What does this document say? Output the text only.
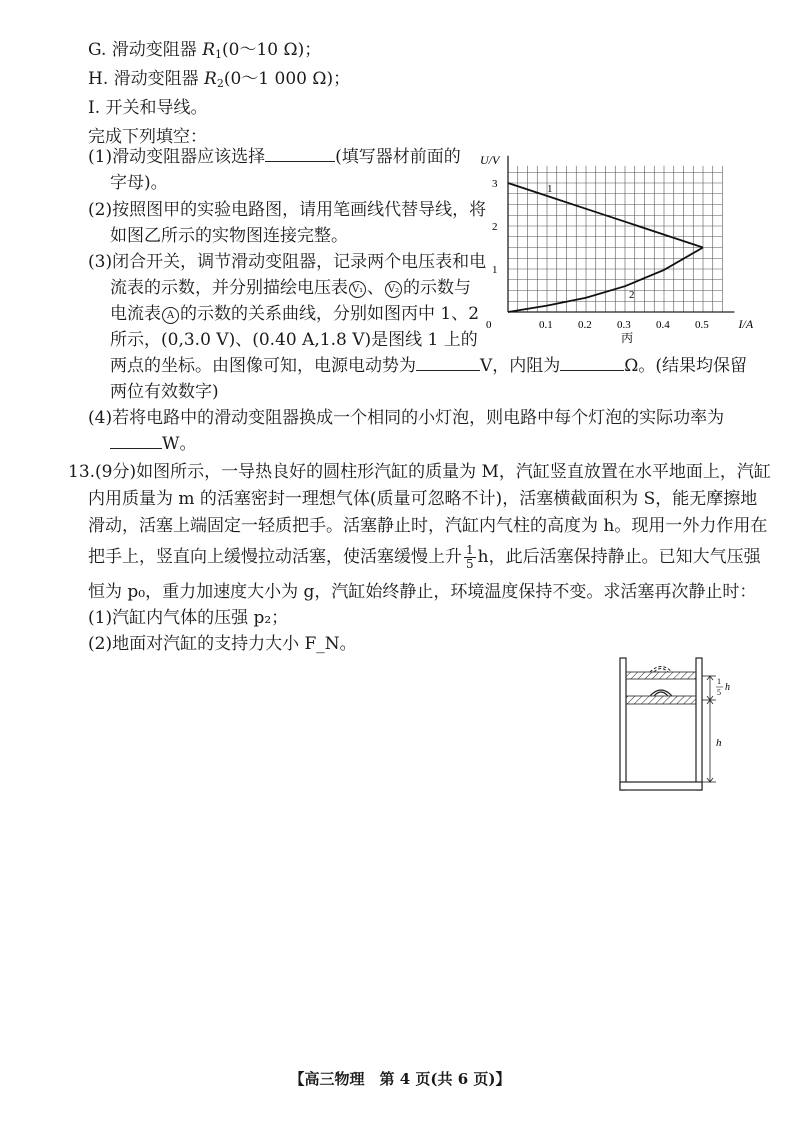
G. 滑动变阻器 $R_1(0\sim 10$ Ω)；
H. 滑动变阻器 $R_2(0\sim 1$ 000 Ω)；
I. 开关和导线。
完成下列填空：
(1)滑动变阻器应该选择	(填写器材前面的
字母)。
(2)按照图甲的实验电路图，请用笔画线代替导线，将
如图乙所示的实物图连接完整。
(3)闭合开关，调节滑动变阻器，记录两个电压表和电
流表的示数，并分别描绘电压表 V₁ 、 V₂ 的示数与
电流表 A 的示数的关系曲线，分别如图丙中 1、2
所示，(0,3.0 V)、(0.40 A,1.8 V)是图线 1 上的
两点的坐标。由图像可知，电源电动势为	V，内阻为	Ω。(结果均保留
两位有效数字)
(4)若将电路中的滑动变阻器换成一个相同的小灯泡，则电路中每个灯泡的实际功率为
W。
13.(9分)如图所示，一导热良好的圆柱形汽缸的质量为 M，汽缸竖直放置在水平地面上，汽缸
内用质量为 m 的活塞密封一理想气体(质量可忽略不计)，活塞横截面积为 S，能无摩擦地
滑动，活塞上端固定一轻质把手。活塞静止时，汽缸内气柱的高度为 h。现用一外力作用在
把手上，竖直向上缓慢拉动活塞，使活塞缓慢上升 $\frac{1}{5}$ h，此后活塞保持静止。已知大气压强
恒为 p₀，重力加速度大小为 g，汽缸始终静止，环境温度保持不变。求活塞再次静止时：
(1)汽缸内气体的压强 p₂；
(2)地面对汽缸的支持力大小 F_N。
U/V
I/A
丙
0	0.1 0.2 0.3 0.4 0.5
1
2
3	1
2
1
5 h
h
【高三物理　第 4 页(共 6 页)】
